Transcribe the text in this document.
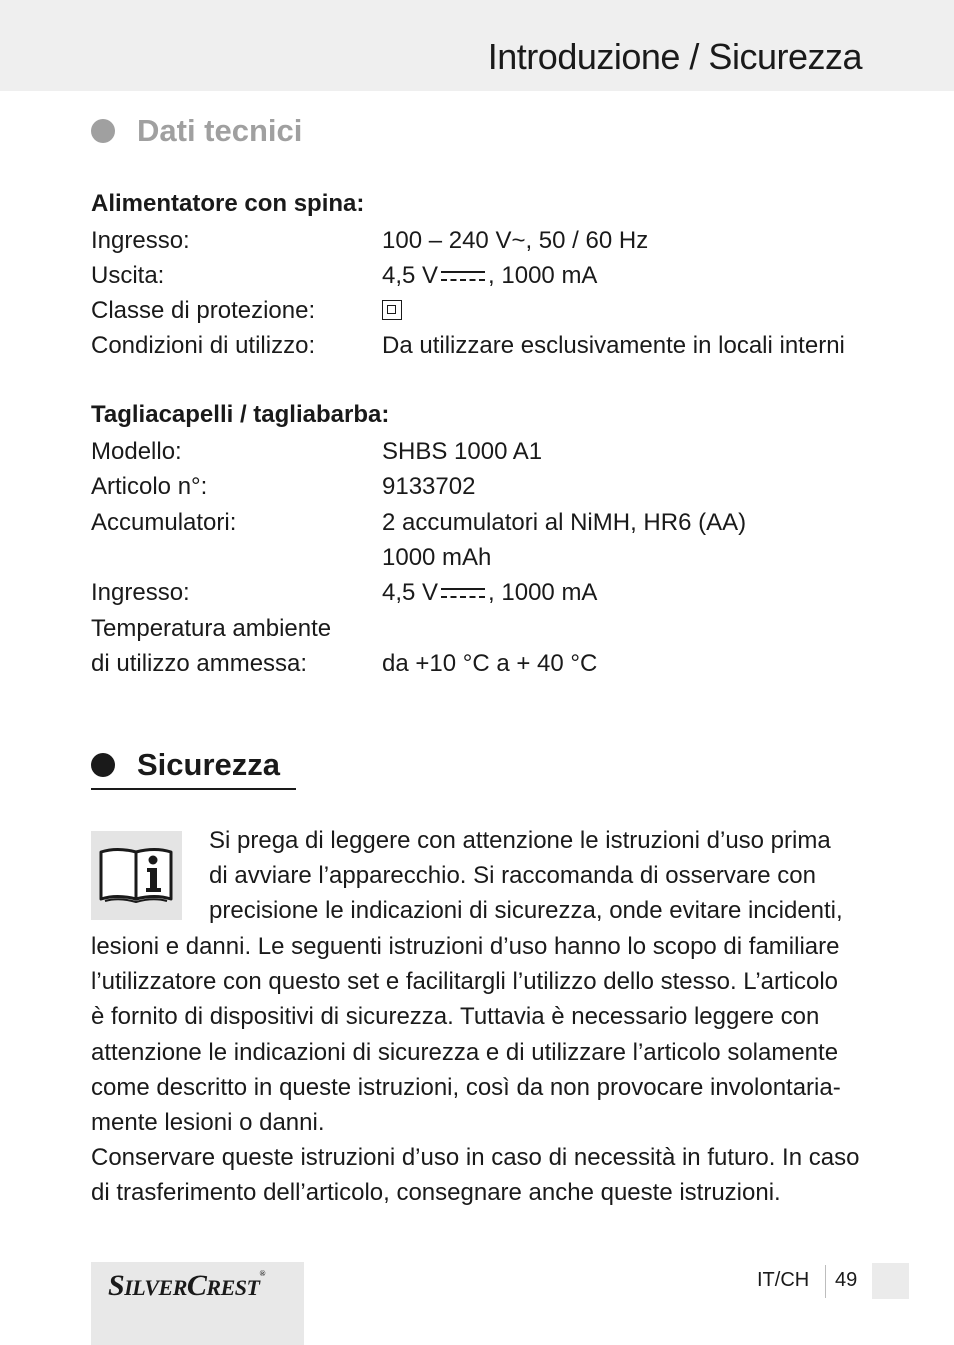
Introduzione / Sicurezza
Dati tecnici
Alimentatore con spina:
Ingresso:	100 – 240 V~, 50 / 60 Hz
Uscita:	4,5 V , 1000 mA
Classe di protezione:
Condizioni di utilizzo:	Da utilizzare esclusivamente in locali interni
Tagliacapelli / tagliabarba:
Modello:	SHBS 1000 A1
Articolo n°:	9133702
Accumulatori:	2 accumulatori al NiMH, HR6 (AA)
1000 mAh
Ingresso:	4,5 V , 1000 mA
Temperatura ambiente
di utilizzo ammessa:	da +10 °C a + 40 °C
Sicurezza

Si prega di leggere con attenzione le istruzioni d’uso prima
di avviare l’apparecchio. Si raccomanda di osservare con
precisione le indicazioni di sicurezza, onde evitare incidenti,

lesioni e danni. Le seguenti istruzioni d’uso hanno lo scopo di familiare
l’utilizzatore con questo set e facilitargli l’utilizzo dello stesso. L’articolo
è fornito di dispositivi di sicurezza. Tuttavia è necessario leggere con
attenzione le indicazioni di sicurezza e di utilizzare l’articolo solamente
come descritto in queste istruzioni, così da non provocare involontaria-
mente lesioni o danni.

Conservare queste istruzioni d’uso in caso di necessità in futuro. In caso
di trasferimento dell’articolo, consegnare anche queste istruzioni.

SILVERCREST®	IT/CH 49
